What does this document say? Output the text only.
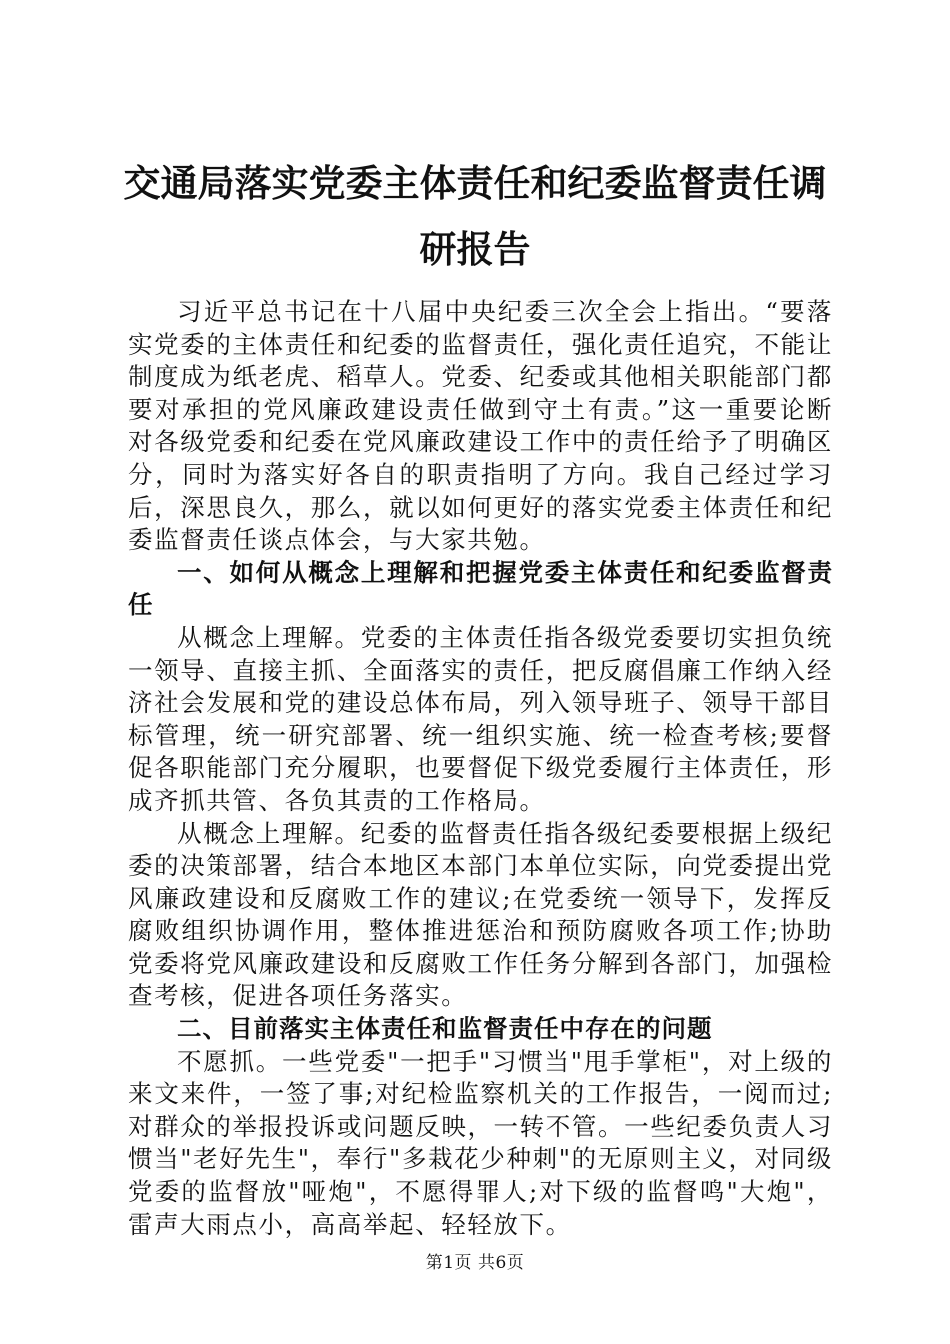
交通局落实党委主体责任和纪委监督责任调研报告

习近平总书记在十八届中央纪委三次全会上指出。“要落实党委的主体责任和纪委的监督责任，强化责任追究，不能让制度成为纸老虎、稻草人。党委、纪委或其他相关职能部门都要对承担的党风廉政建设责任做到守土有责。”这一重要论断对各级党委和纪委在党风廉政建设工作中的责任给予了明确区分，同时为落实好各自的职责指明了方向。我自己经过学习后，深思良久，那么，就以如何更好的落实党委主体责任和纪委监督责任谈点体会，与大家共勉。

一、如何从概念上理解和把握党委主体责任和纪委监督责任

从概念上理解。党委的主体责任指各级党委要切实担负统一领导、直接主抓、全面落实的责任，把反腐倡廉工作纳入经济社会发展和党的建设总体布局，列入领导班子、领导干部目标管理，统一研究部署、统一组织实施、统一检查考核;要督促各职能部门充分履职，也要督促下级党委履行主体责任，形成齐抓共管、各负其责的工作格局。

从概念上理解。纪委的监督责任指各级纪委要根据上级纪委的决策部署，结合本地区本部门本单位实际，向党委提出党风廉政建设和反腐败工作的建议;在党委统一领导下，发挥反腐败组织协调作用，整体推进惩治和预防腐败各项工作;协助党委将党风廉政建设和反腐败工作任务分解到各部门，加强检查考核，促进各项任务落实。

二、目前落实主体责任和监督责任中存在的问题

不愿抓。一些党委"一把手"习惯当"甩手掌柜"，对上级的来文来件，一签了事;对纪检监察机关的工作报告，一阅而过;对群众的举报投诉或问题反映，一转不管。一些纪委负责人习惯当"老好先生"，奉行"多栽花少种刺"的无原则主义，对同级党委的监督放"哑炮"，不愿得罪人;对下级的监督鸣"大炮"，雷声大雨点小，高高举起、轻轻放下。

第1页 共6页
